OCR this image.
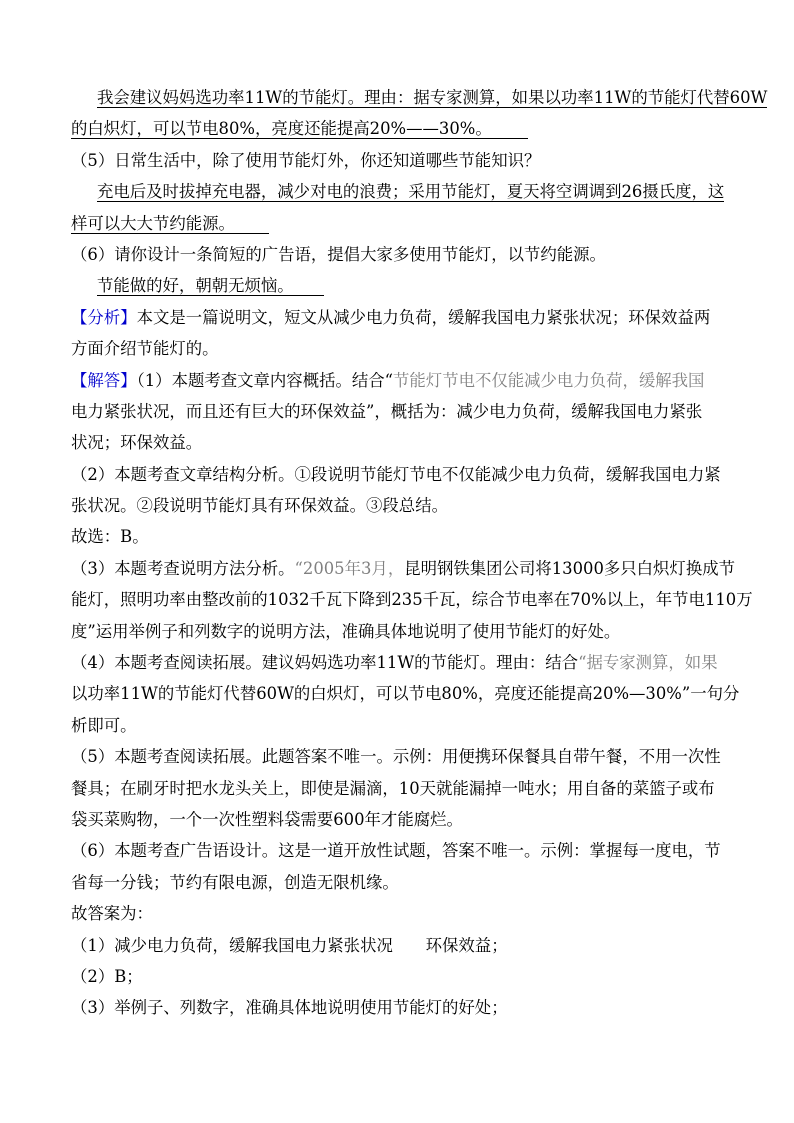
我会建议妈妈选功率11W的节能灯。理由：据专家测算，如果以功率11W的节能灯代替60W
的白炽灯，可以节电80%，亮度还能提高20%——30%。
（5）日常生活中，除了使用节能灯外，你还知道哪些节能知识？
充电后及时拔掉充电器，减少对电的浪费；采用节能灯，夏天将空调调到26摄氏度，这
样可以大大节约能源。
（6）请你设计一条简短的广告语，提倡大家多使用节能灯，以节约能源。
节能做的好，朝朝无烦恼。
【分析】本文是一篇说明文，短文从减少电力负荷，缓解我国电力紧张状况；环保效益两
方面介绍节能灯的。
【解答】（1）本题考查文章内容概括。结合“节能灯节电不仅能减少电力负荷，缓解我国
电力紧张状况，而且还有巨大的环保效益”，概括为：减少电力负荷，缓解我国电力紧张
状况；环保效益。
（2）本题考查文章结构分析。①段说明节能灯节电不仅能减少电力负荷，缓解我国电力紧
张状况。②段说明节能灯具有环保效益。③段总结。
故选：B。
（3）本题考查说明方法分析。“2005年3月，昆明钢铁集团公司将13000多只白炽灯换成节
能灯，照明功率由整改前的1032千瓦下降到235千瓦，综合节电率在70%以上，年节电110万
度”运用举例子和列数字的说明方法，准确具体地说明了使用节能灯的好处。
（4）本题考查阅读拓展。建议妈妈选功率11W的节能灯。理由：结合“据专家测算，如果
以功率11W的节能灯代替60W的白炽灯，可以节电80%，亮度还能提高20%—30%”一句分
析即可。
（5）本题考查阅读拓展。此题答案不唯一。示例：用便携环保餐具自带午餐，不用一次性
餐具；在刷牙时把水龙头关上，即使是漏滴，10天就能漏掉一吨水；用自备的菜篮子或布
袋买菜购物，一个一次性塑料袋需要600年才能腐烂。
（6）本题考查广告语设计。这是一道开放性试题，答案不唯一。示例：掌握每一度电，节
省每一分钱；节约有限电源，创造无限机缘。
故答案为：
（1）减少电力负荷，缓解我国电力紧张状况　　环保效益；
（2）B；
（3）举例子、列数字，准确具体地说明使用节能灯的好处；
